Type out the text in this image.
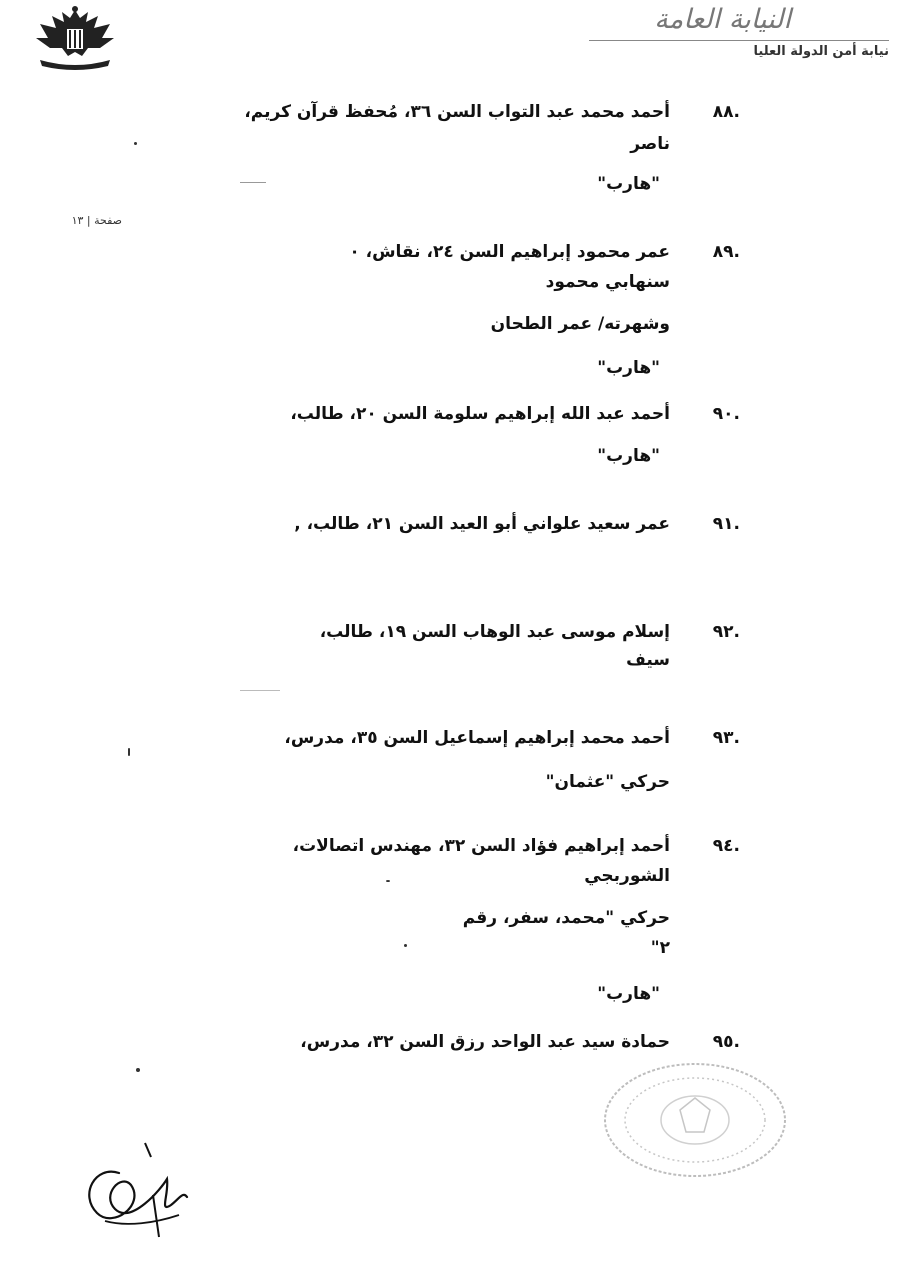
النيابة العامة
نيابة أمن الدولة العليا
صفحة | ١٣
.٨٨
أحمد محمد عبد التواب السن ٣٦، مُحفظ قرآن كريم،
ناصر
"هارب"
.٨٩
عمر محمود إبراهيم السن ٢٤، نقاش، ٠
سنهابي محمود
وشهرته/ عمر الطحان
"هارب"
.٩٠
أحمد عبد الله إبراهيم سلومة السن ٢٠، طالب،
"هارب"
.٩١
عمر سعيد علواني أبو العيد السن ٢١، طالب، ,
.٩٢
إسلام موسى عبد الوهاب السن ١٩، طالب،
سيف
.٩٣
أحمد محمد إبراهيم إسماعيل السن ٣٥، مدرس،
حركي "عثمان"
.٩٤
أحمد إبراهيم فؤاد السن ٣٢، مهندس اتصالات،
الشوربجي
حركي "محمد، سفر، رقم
٢"
"هارب"
.٩٥
حمادة سيد عبد الواحد رزق السن ٣٢، مدرس،
